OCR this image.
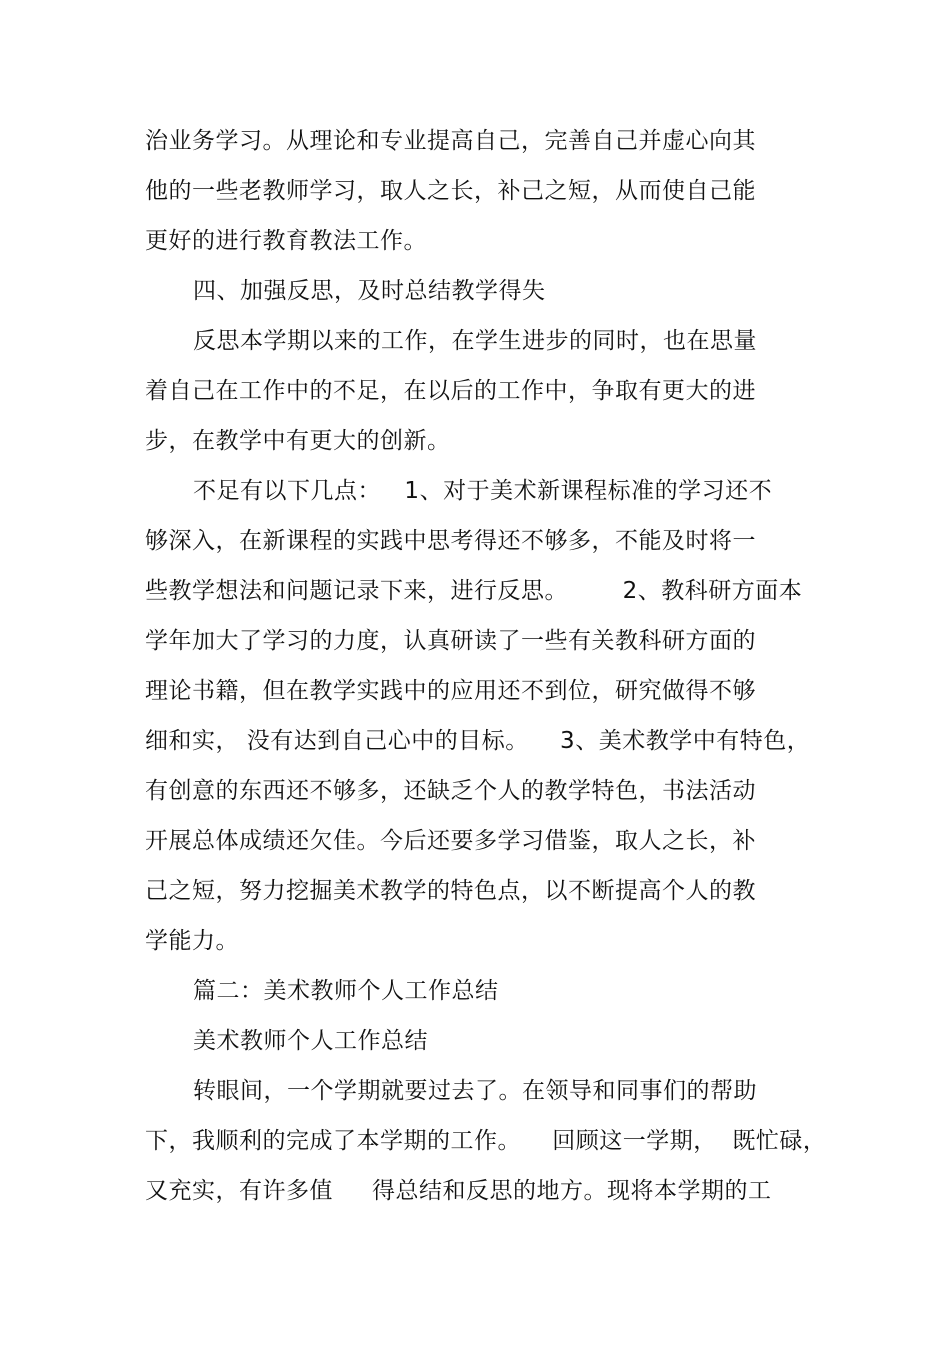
治业务学习。从理论和专业提高自己，完善自己并虚心向其
他的一些老教师学习，取人之长，补己之短，从而使自己能
更好的进行教育教法工作。
四、加强反思，及时总结教学得失
反思本学期以来的工作，在学生进步的同时，也在思量
着自己在工作中的不足，在以后的工作中，争取有更大的进
步，在教学中有更大的创新。
不足有以下几点：   1、对于美术新课程标准的学习还不
够深入，在新课程的实践中思考得还不够多，不能及时将一
些教学想法和问题记录下来，进行反思。       2、教科研方面本
学年加大了学习的力度，认真研读了一些有关教科研方面的
理论书籍，但在教学实践中的应用还不到位，研究做得不够
细和实， 没有达到自己心中的目标。    3、美术教学中有特色，
有创意的东西还不够多，还缺乏个人的教学特色，书法活动
开展总体成绩还欠佳。今后还要多学习借鉴，取人之长，补
己之短，努力挖掘美术教学的特色点，以不断提高个人的教
学能力。
篇二：美术教师个人工作总结
美术教师个人工作总结
转眼间，一个学期就要过去了。在领导和同事们的帮助
下，我顺利的完成了本学期的工作。    回顾这一学期，  既忙碌，
又充实，有许多值     得总结和反思的地方。现将本学期的工
